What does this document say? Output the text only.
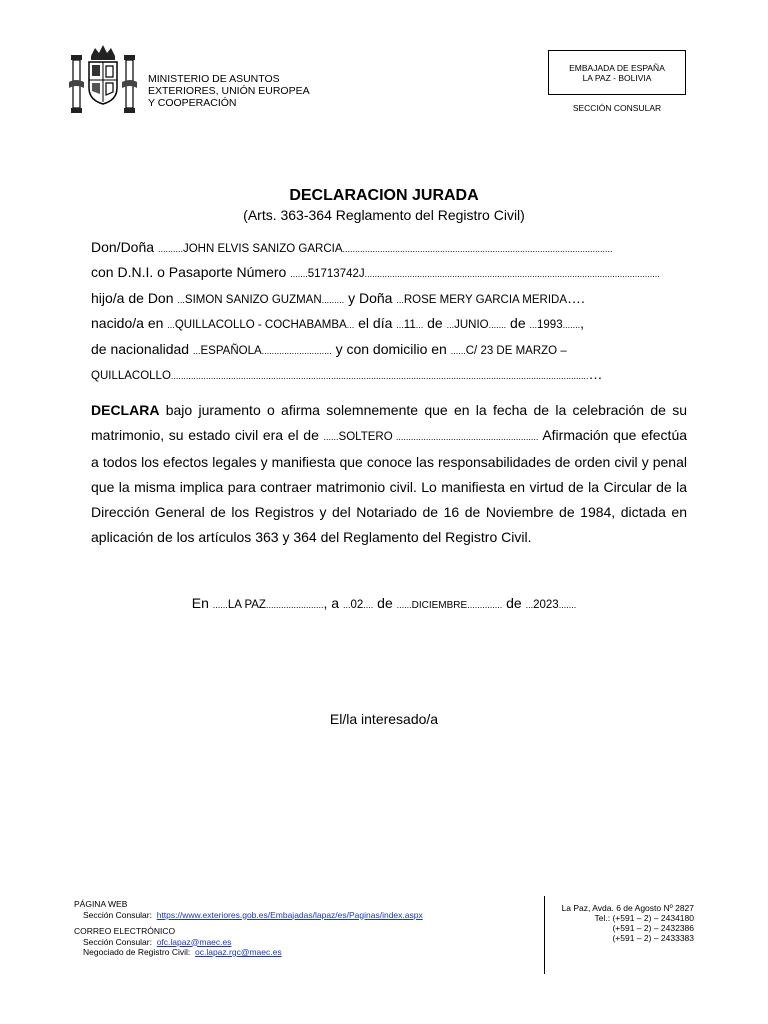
MINISTERIO DE ASUNTOS
EXTERIORES, UNIÓN EUROPEA
Y COOPERACIÓN
EMBAJADA DE ESPAÑA
LA PAZ - BOLIVIA
SECCIÓN CONSULAR
DECLARACION JURADA
(Arts. 363-364 Reglamento del Registro Civil)
Don/Doña ..........JOHN ELVIS SANIZO GARCIA............................................................................................................
con D.N.I. o Pasaporte Número .......51713742J......................................................................................................................
hijo/a de Don ...SIMON SANIZO GUZMAN......... y Doña ...ROSE MERY GARCIA MERIDA….
nacido/a en ...QUILLACOLLO - COCHABAMBA... el día ...11... de ...JUNIO....... de ...1993.......,
de nacionalidad ...ESPAÑOLA............................ y con domicilio en ......C/ 23 DE MARZO –
QUILLACOLLO.......................................................................................................................................................................…
DECLARA bajo juramento o afirma solemnemente que en la fecha de la celebración de su matrimonio, su estado civil era el de ......SOLTERO ......................................................... Afirmación que efectúa a todos los efectos legales y manifiesta que conoce las responsabilidades de orden civil y penal que la misma implica para contraer matrimonio civil. Lo manifiesta en virtud de la Circular de la Dirección General de los Registros y del Notariado de 16 de Noviembre de 1984, dictada en aplicación de los artículos 363 y 364 del Reglamento del Registro Civil.
En ......LA PAZ......................., a ...02.... de ......DICIEMBRE.............. de ...2023.......
El/la interesado/a
PÁGINA WEB
Sección Consular: https://www.exteriores.gob.es/Embajadas/lapaz/es/Paginas/index.aspx
CORREO ELECTRÓNICO
Sección Consular: ofc.lapaz@maec.es
Negociado de Registro Civil: oc.lapaz.rgc@maec.es
La Paz, Avda. 6 de Agosto Nº 2827
Tel.: (+591 – 2) – 2434180
(+591 – 2) – 2432386
(+591 – 2) – 2433383
